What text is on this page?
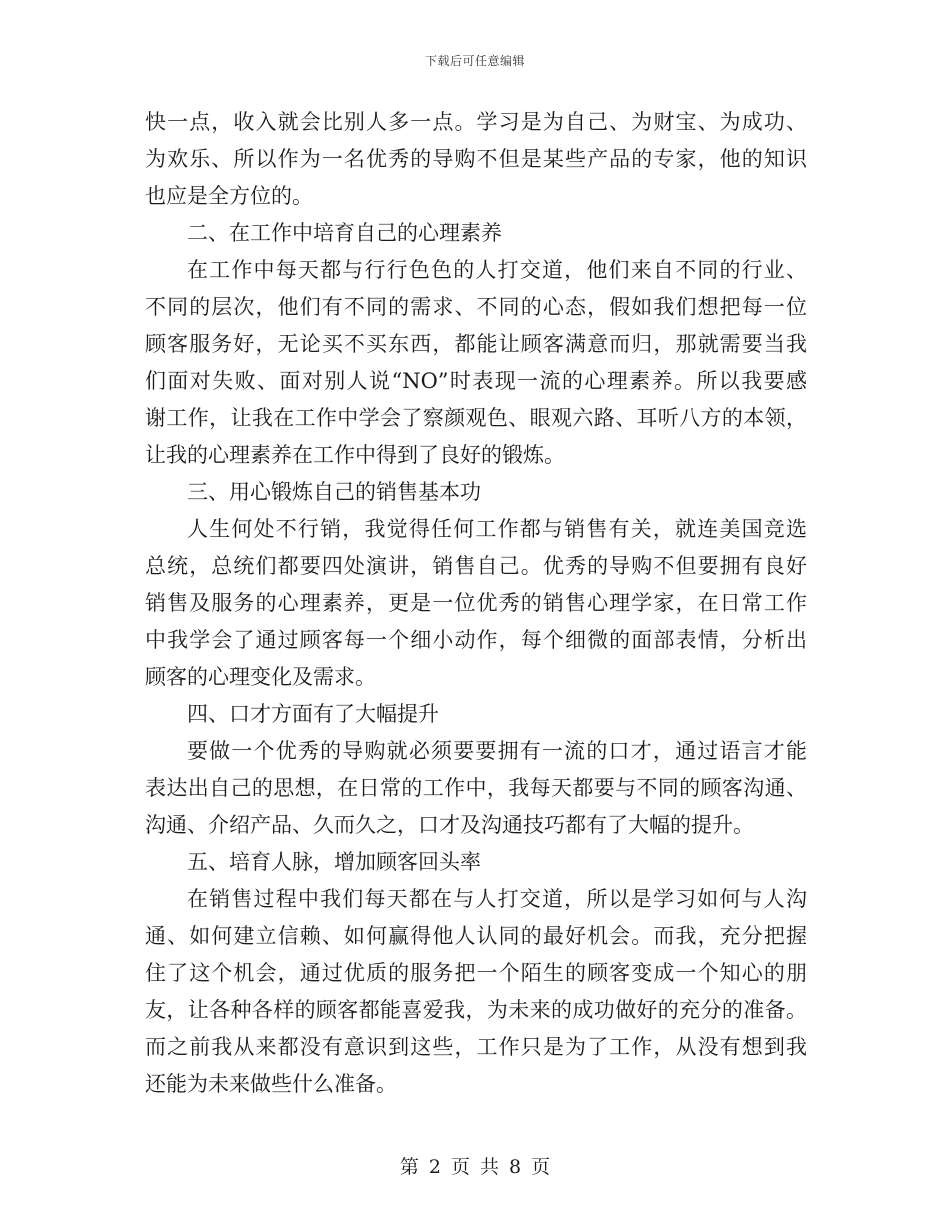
下载后可任意编辑
快一点，收入就会比别人多一点。学习是为自己、为财宝、为成功、
为欢乐、所以作为一名优秀的导购不但是某些产品的专家，他的知识
也应是全方位的。
二、在工作中培育自己的心理素养
在工作中每天都与行行色色的人打交道，他们来自不同的行业、
不同的层次，他们有不同的需求、不同的心态，假如我们想把每一位
顾客服务好，无论买不买东西，都能让顾客满意而归，那就需要当我
们面对失败、面对别人说“NO”时表现一流的心理素养。所以我要感
谢工作，让我在工作中学会了察颜观色、眼观六路、耳听八方的本领，
让我的心理素养在工作中得到了良好的锻炼。
三、用心锻炼自己的销售基本功
人生何处不行销，我觉得任何工作都与销售有关，就连美国竞选
总统，总统们都要四处演讲，销售自己。优秀的导购不但要拥有良好
销售及服务的心理素养，更是一位优秀的销售心理学家，在日常工作
中我学会了通过顾客每一个细小动作，每个细微的面部表情，分析出
顾客的心理变化及需求。
四、口才方面有了大幅提升
要做一个优秀的导购就必须要要拥有一流的口才，通过语言才能
表达出自己的思想，在日常的工作中，我每天都要与不同的顾客沟通、
沟通、介绍产品、久而久之，口才及沟通技巧都有了大幅的提升。
五、培育人脉，增加顾客回头率
在销售过程中我们每天都在与人打交道，所以是学习如何与人沟
通、如何建立信赖、如何赢得他人认同的最好机会。而我，充分把握
住了这个机会，通过优质的服务把一个陌生的顾客变成一个知心的朋
友，让各种各样的顾客都能喜爱我，为未来的成功做好的充分的准备。
而之前我从来都没有意识到这些，工作只是为了工作，从没有想到我
还能为未来做些什么准备。
第 2 页 共 8 页
